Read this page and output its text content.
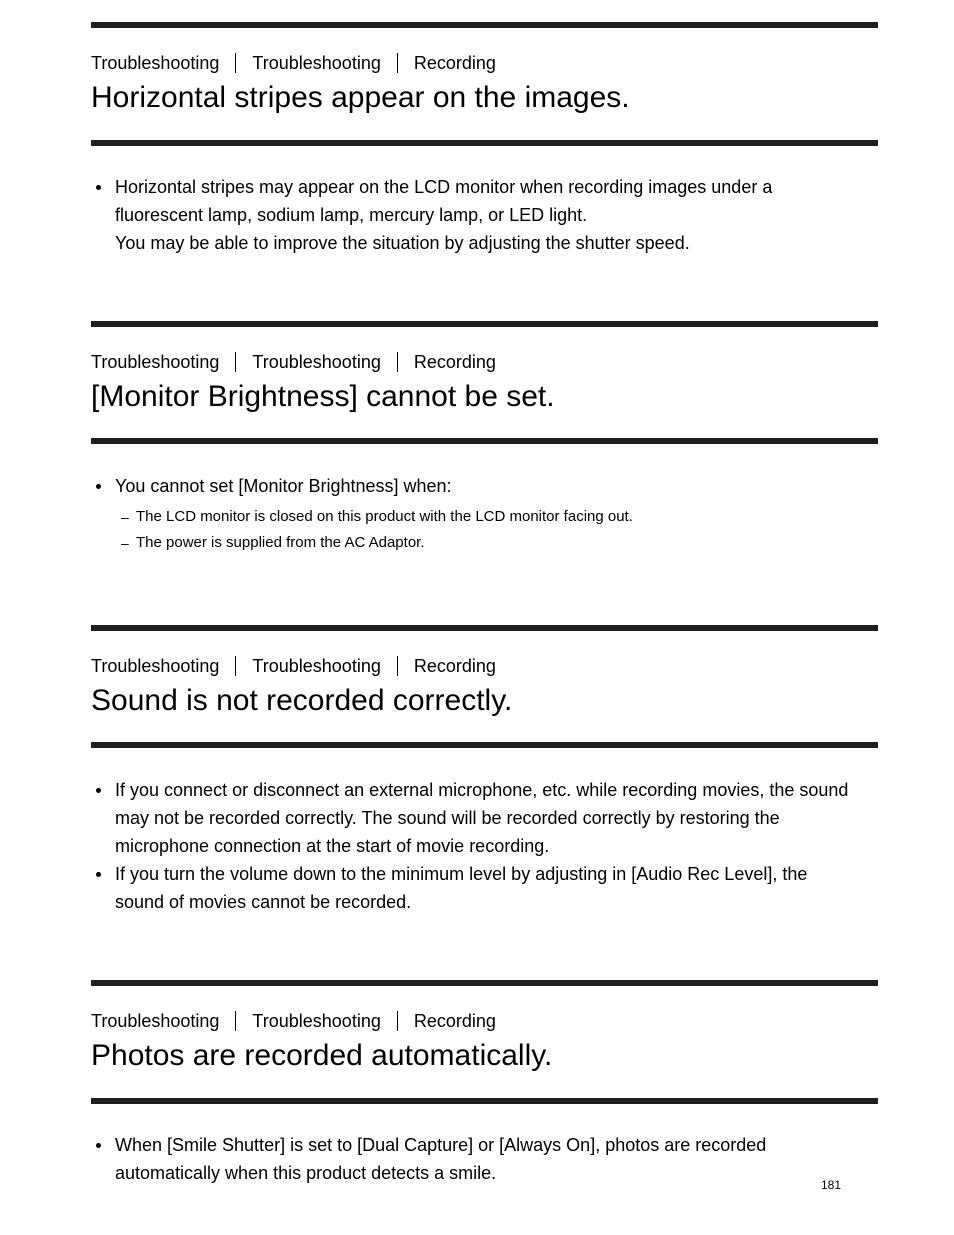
Troubleshooting Troubleshooting Recording
Horizontal stripes appear on the images.
Horizontal stripes may appear on the LCD monitor when recording images under a
fluorescent lamp, sodium lamp, mercury lamp, or LED light.
You may be able to improve the situation by adjusting the shutter speed.
Troubleshooting Troubleshooting Recording
[Monitor Brightness] cannot be set.
You cannot set [Monitor Brightness] when:
– The LCD monitor is closed on this product with the LCD monitor facing out.
– The power is supplied from the AC Adaptor.
Troubleshooting Troubleshooting Recording
Sound is not recorded correctly.
If you connect or disconnect an external microphone, etc. while recording movies, the sound
may not be recorded correctly. The sound will be recorded correctly by restoring the
microphone connection at the start of movie recording.
If you turn the volume down to the minimum level by adjusting in [Audio Rec Level], the
sound of movies cannot be recorded.
Troubleshooting Troubleshooting Recording
Photos are recorded automatically.
When [Smile Shutter] is set to [Dual Capture] or [Always On], photos are recorded
automatically when this product detects a smile.
181
